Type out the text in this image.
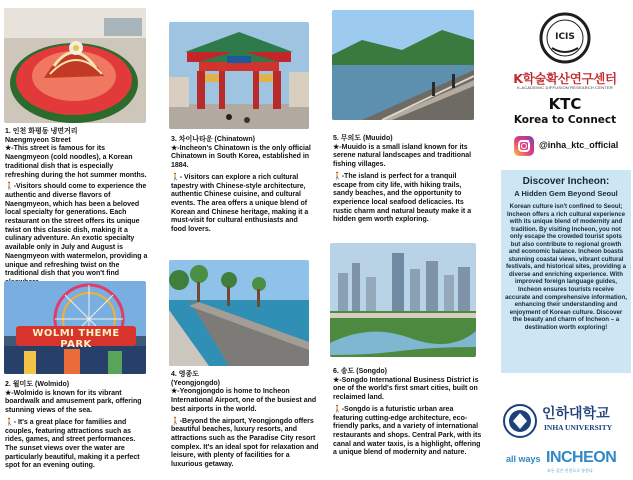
1. 인천 화평동 냉면거리
Naengmyeon Street
★-This street is famous for its Naengmyeon (cold noodles), a Korean traditional dish that is especially refreshing during the hot summer months.
🚶-Visitors should come to experience the authentic and diverse flavors of Naengmyeon, which has been a beloved local specialty for generations. Each restaurant on the street offers its unique twist on this classic dish, making it a culinary adventure. An exotic specialty available only in July and August is Naengmyeon with watermelon, providing a unique and refreshing twist on the traditional dish that you won't find
WOLMI THEME PARK
2. 월미도 (Wolmido)
★-Wolmido is known for its vibrant boardwalk and amusement park, offering stunning views of the sea.
🚶- It's a great place for families and couples, featuring attractions such as rides, games, and street performances. The sunset views over the water are particularly beautiful, making it a perfect spot for an evening outing.
3. 차이나타운 (Chinatown)
★-Incheon's Chinatown is the only official Chinatown in South Korea, established in 1884.
🚶- Visitors can explore a rich cultural tapestry with Chinese-style architecture, authentic Chinese cuisine, and cultural events. The area offers a unique blend of Korean and Chinese heritage, making it a must-visit for cultural enthusiasts and food lovers.
4. 영종도
(Yeongjongdo)
★-Yeongjongdo is home to Incheon International Airport, one of the busiest and best airports in the world.
🚶-Beyond the airport, Yeongjongdo offers beautiful beaches, luxury resorts, and attractions such as the Paradise City resort complex. It's an ideal spot for relaxation and leisure, with plenty of facilities for a luxurious getaway.
5. 무의도 (Muuido)
★-Muuido is a small island known for its serene natural landscapes and traditional fishing villages.
🚶-The island is perfect for a tranquil escape from city life, with hiking trails, sandy beaches, and the opportunity to experience local seafood delicacies. Its rustic charm and natural beauty make it a hidden gem worth exploring.
6. 송도 (Songdo)
★-Songdo International Business District is one of the world's first smart cities, built on reclaimed land.
🚶-Songdo is a futuristic urban area featuring cutting-edge architecture, eco-friendly parks, and a variety of international restaurants and shops. Central Park, with its canal and water taxis, is a highlight, offering a unique blend of modernity and nature.
ICIS
K학술확산연구센터
K-ACADEMIC DIFFUSION RESEARCH CENTER
KTC
Korea to Connect
@inha_ktc_official
Discover Incheon:
A Hidden Gem Beyond Seoul
Korean culture isn't confined to Seoul; Incheon offers a rich cultural experience with its unique blend of modernity and tradition. By visiting Incheon, you not only escape the crowded tourist spots but also contribute to regional growth and economic balance. Incheon boasts stunning coastal views, vibrant cultural festivals, and historical sites, providing a diverse and enriching experience. With improved foreign language guides, Incheon ensures tourists receive accurate and comprehensive information, enhancing their understanding and enjoyment of Korean culture. Discover the beauty and charm of Incheon – a destination worth exploring!
인하대학교
INHA UNIVERSITY
all ways INCHEON
모든 길은 인천으로 통한다
